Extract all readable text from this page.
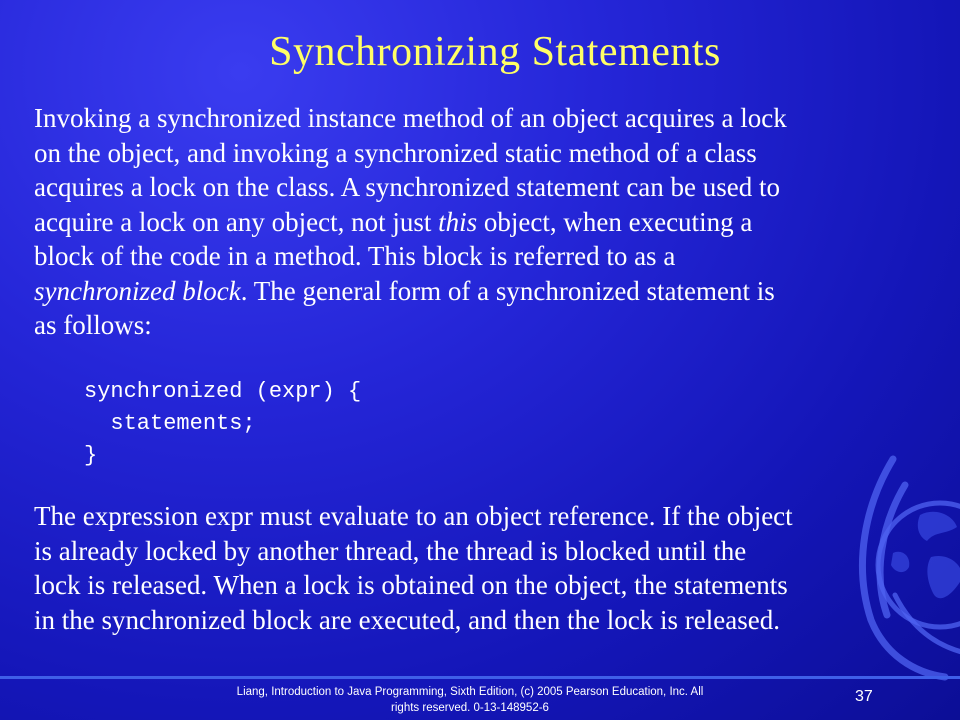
Synchronizing Statements
Invoking a synchronized instance method of an object acquires a lock
on the object, and invoking a synchronized static method of a class
acquires a lock on the class. A synchronized statement can be used to
acquire a lock on any object, not just this object, when executing a
block of the code in a method. This block is referred to as a
synchronized block. The general form of a synchronized statement is
as follows:
synchronized (expr) {
statements;
}
The expression expr must evaluate to an object reference. If the object
is already locked by another thread, the thread is blocked until the
lock is released. When a lock is obtained on the object, the statements
in the synchronized block are executed, and then the lock is released.
Liang, Introduction to Java Programming, Sixth Edition, (c) 2005 Pearson Education, Inc. All
rights reserved. 0-13-148952-6
37
